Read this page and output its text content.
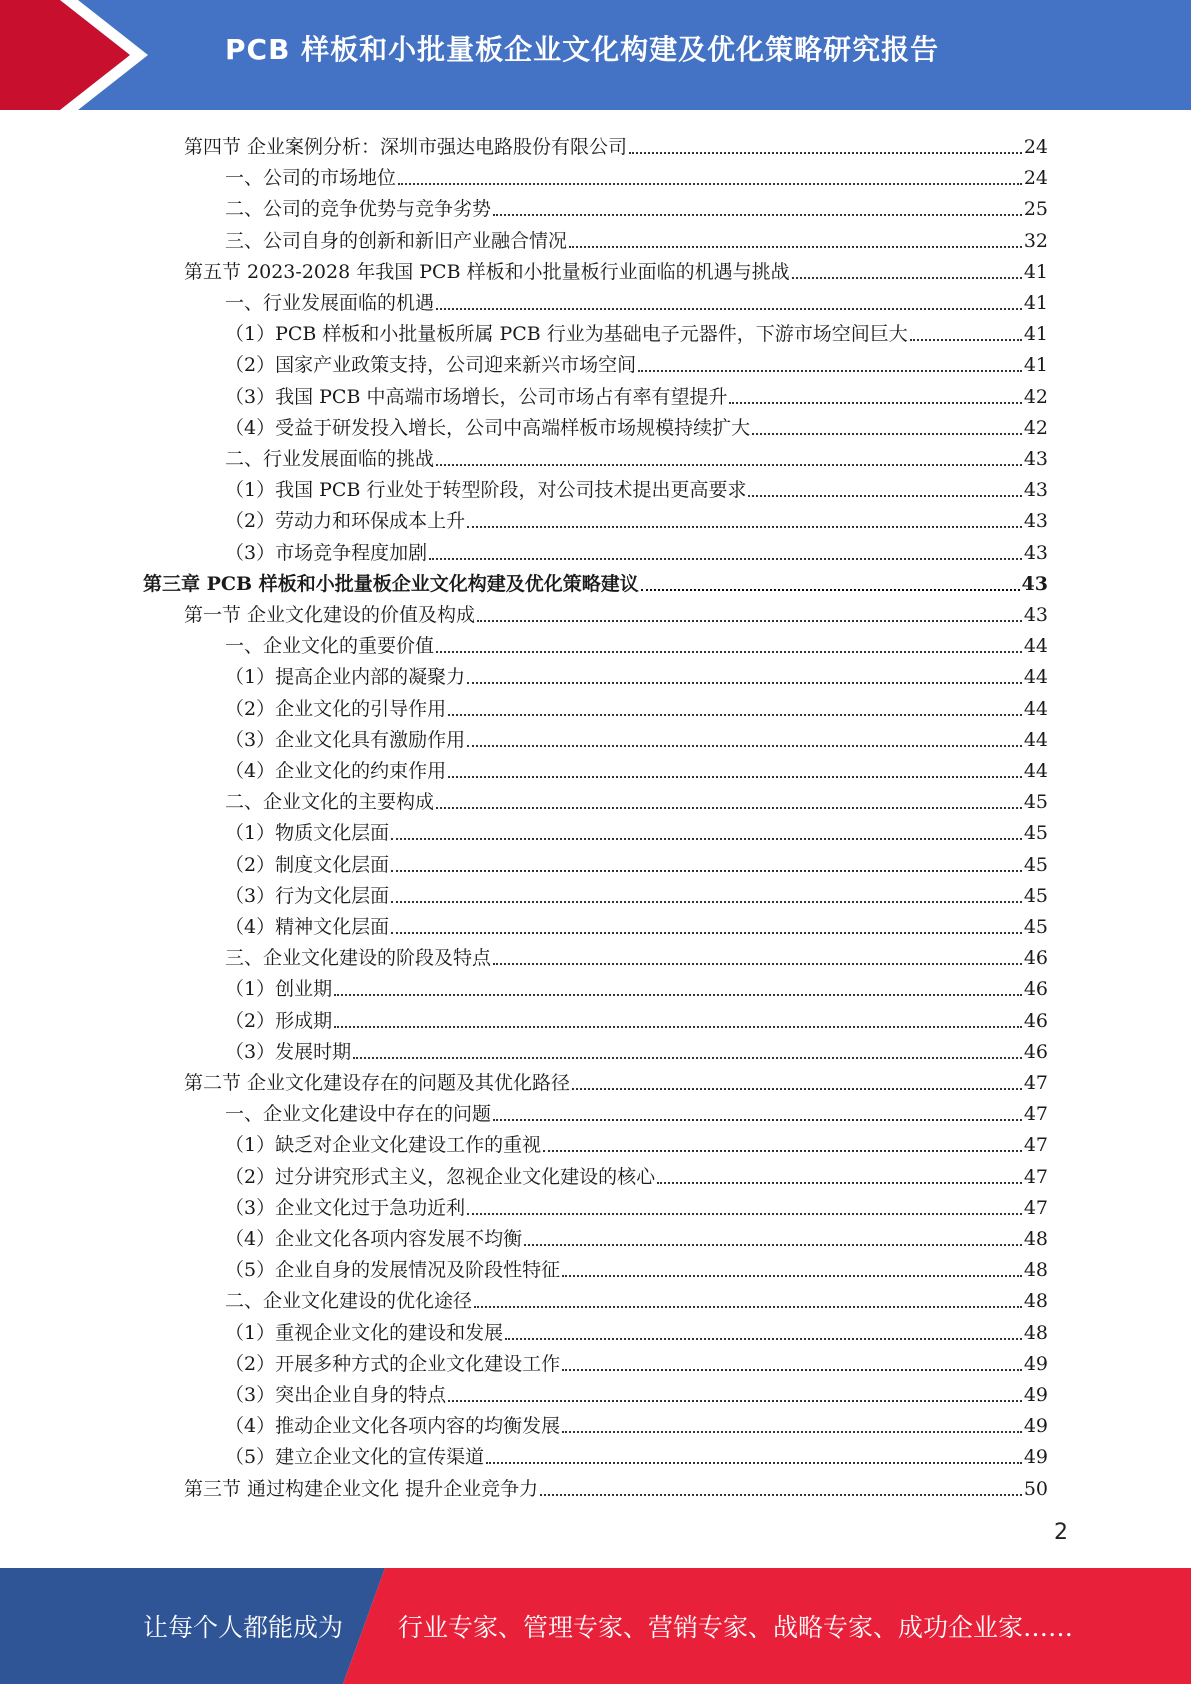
PCB 样板和小批量板企业文化构建及优化策略研究报告
第四节 企业案例分析：深圳市强达电路股份有限公司	24
一、公司的市场地位	24
二、公司的竞争优势与竞争劣势	25
三、公司自身的创新和新旧产业融合情况	32
第五节 2023-2028 年我国 PCB 样板和小批量板行业面临的机遇与挑战	41
一、行业发展面临的机遇	41
（1）PCB 样板和小批量板所属 PCB 行业为基础电子元器件，下游市场空间巨大	41
（2）国家产业政策支持，公司迎来新兴市场空间	41
（3）我国 PCB 中高端市场增长，公司市场占有率有望提升	42
（4）受益于研发投入增长，公司中高端样板市场规模持续扩大	42
二、行业发展面临的挑战	43
（1）我国 PCB 行业处于转型阶段，对公司技术提出更高要求	43
（2）劳动力和环保成本上升	43
（3）市场竞争程度加剧	43
第三章 PCB 样板和小批量板企业文化构建及优化策略建议	43
第一节 企业文化建设的价值及构成	43
一、企业文化的重要价值	44
（1）提高企业内部的凝聚力	44
（2）企业文化的引导作用	44
（3）企业文化具有激励作用	44
（4）企业文化的约束作用	44
二、企业文化的主要构成	45
（1）物质文化层面	45
（2）制度文化层面	45
（3）行为文化层面	45
（4）精神文化层面	45
三、企业文化建设的阶段及特点	46
（1）创业期	46
（2）形成期	46
（3）发展时期	46
第二节 企业文化建设存在的问题及其优化路径	47
一、企业文化建设中存在的问题	47
（1）缺乏对企业文化建设工作的重视	47
（2）过分讲究形式主义，忽视企业文化建设的核心	47
（3）企业文化过于急功近利	47
（4）企业文化各项内容发展不均衡	48
（5）企业自身的发展情况及阶段性特征	48
二、企业文化建设的优化途径	48
（1）重视企业文化的建设和发展	48
（2）开展多种方式的企业文化建设工作	49
（3）突出企业自身的特点	49
（4）推动企业文化各项内容的均衡发展	49
（5）建立企业文化的宣传渠道	49
第三节 通过构建企业文化 提升企业竞争力	50
2
让每个人都能成为 行业专家、管理专家、营销专家、战略专家、成功企业家……
